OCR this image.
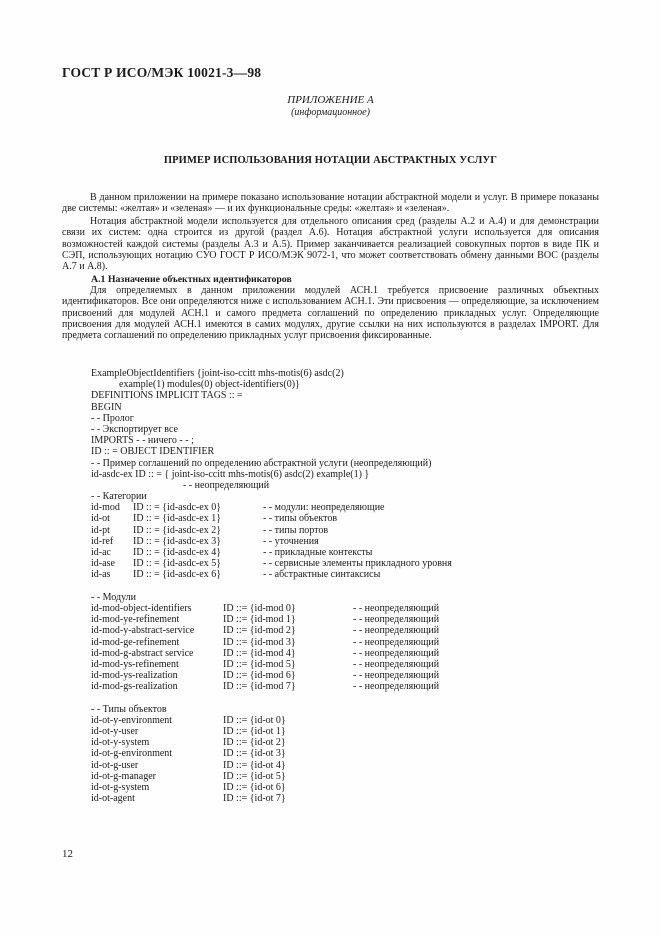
ГОСТ Р ИСО/МЭК 10021-3—98
ПРИЛОЖЕНИЕ А
(информационное)
ПРИМЕР ИСПОЛЬЗОВАНИЯ НОТАЦИИ АБСТРАКТНЫХ УСЛУГ

В данном приложении на примере показано использование нотации абстрактной модели и услуг. В примере показаны две системы: «желтая» и «зеленая» — и их функциональные среды: «желтая» и «зеленая».

Нотация абстрактной модели используется для отдельного описания сред (разделы А.2 и А.4) и для демонстрации связи их систем: одна строится из другой (раздел А.6). Нотация абстрактной услуги используется для описания возможностей каждой системы (разделы А.3 и А.5). Пример заканчивается реализацией совокупных портов в виде ПК и СЭП, использующих нотацию СУО ГОСТ Р ИСО/МЭК 9072-1, что может соответствовать обмену данными ВОС (разделы А.7 и А.8).

А.1 Назначение объектных идентификаторов

Для определяемых в данном приложении модулей АСН.1 требуется присвоение различных объектных идентификаторов. Все они определяются ниже с использованием АСН.1. Эти присвоения — определяющие, за исключением присвоений для модулей АСН.1 и самого предмета соглашений по определению прикладных услуг. Определяющие присвоения для модулей АСН.1 имеются в самих модулях, другие ссылки на них используются в разделах IMPORT. Для предмета соглашений по определению прикладных услуг присвоения фиксированные.

ExampleObjectIdentifiers {joint-iso-ccitt mhs-motis(6) asdc(2)
example(1) modules(0) object-identifiers(0)}
DEFINITIONS IMPLICIT TAGS :: =
BEGIN
- - Пролог
- - Экспортирует все
IMPORTS - - ничего - - ;
ID :: = OBJECT IDENTIFIER
- - Пример соглашений по определению абстрактной услуги (неопределяющий)
id-asdc-ex ID :: = { joint-iso-ccitt mhs-motis(6) asdc(2) example(1) }
- - неопределяющий
- - Категории
id-mod ID :: = {id-asdc-ex 0}	- - модули: неопределяющие
id-ot ID :: = {id-asdc-ex 1}	- - типы объектов
id-pt ID :: = {id-asdc-ex 2}	- - типы портов
id-ref ID :: = {id-asdc-ex 3}	- - уточнения
id-ac ID :: = {id-asdc-ex 4}	- - прикладные контексты
id-ase ID :: = {id-asdc-ex 5}	- - сервисные элементы прикладного уровня
id-as ID :: = {id-asdc-ex 6}	- - абстрактные синтаксисы
- - Модули
id-mod-object-identifiers	ID ::= {id-mod 0}	- - неопределяющий
id-mod-ye-refinement	ID ::= {id-mod 1}	- - неопределяющий
id-mod-y-abstract-service	ID ::= {id-mod 2}	- - неопределяющий
id-mod-ge-refinement	ID ::= {id-mod 3}	- - неопределяющий
id-mod-g-abstract service	ID ::= {id-mod 4}	- - неопределяющий
id-mod-ys-refinement	ID ::= {id-mod 5}	- - неопределяющий
id-mod-ys-realization	ID ::= {id-mod 6}	- - неопределяющий
id-mod-gs-realization	ID ::= {id-mod 7}	- - неопределяющий
- - Типы объектов
id-ot-y-environment	ID ::= {id-ot 0}
id-ot-y-user	ID ::= {id-ot 1}
id-ot-y-system	ID ::= {id-ot 2}
id-ot-g-environment	ID ::= {id-ot 3}
id-ot-g-user	ID ::= {id-ot 4}
id-ot-g-manager	ID ::= {id-ot 5}
id-ot-g-system	ID ::= {id-ot 6}
id-ot-agent	ID ::= {id-ot 7}
12
